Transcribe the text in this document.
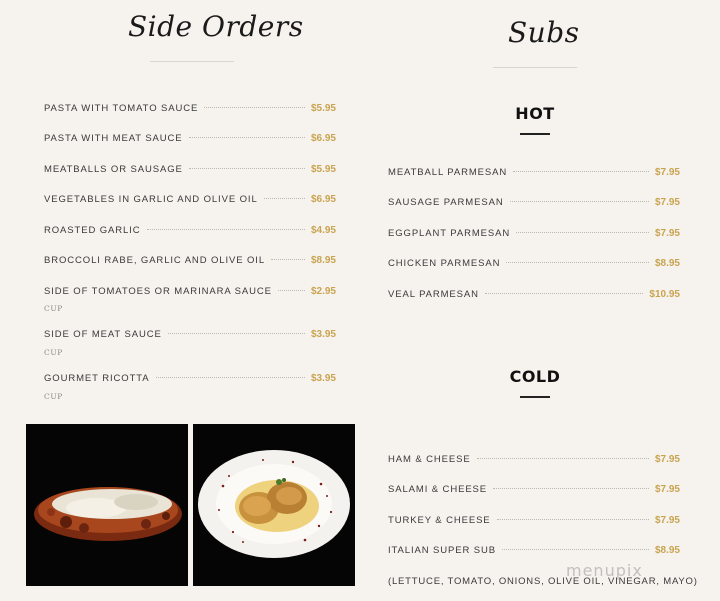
Side Orders
PASTA WITH TOMATO SAUCE	$5.95
PASTA WITH MEAT SAUCE	$6.95
MEATBALLS OR SAUSAGE	$5.95
VEGETABLES IN GARLIC AND OLIVE OIL	$6.95
ROASTED GARLIC	$4.95
BROCCOLI RABE, GARLIC AND OLIVE OIL	$8.95
SIDE OF TOMATOES OR MARINARA SAUCE	$2.95
CUP
SIDE OF MEAT SAUCE	$3.95
CUP
GOURMET RICOTTA	$3.95
CUP
Subs
HOT
MEATBALL PARMESAN	$7.95
SAUSAGE PARMESAN	$7.95
EGGPLANT PARMESAN	$7.95
CHICKEN PARMESAN	$8.95
VEAL PARMESAN	$10.95
COLD
HAM & CHEESE	$7.95
SALAMI & CHEESE	$7.95
TURKEY & CHEESE	$7.95
ITALIAN SUPER SUB	$8.95
(LETTUCE, TOMATO, ONIONS, OLIVE OIL, VINEGAR, MAYO)
menupix
